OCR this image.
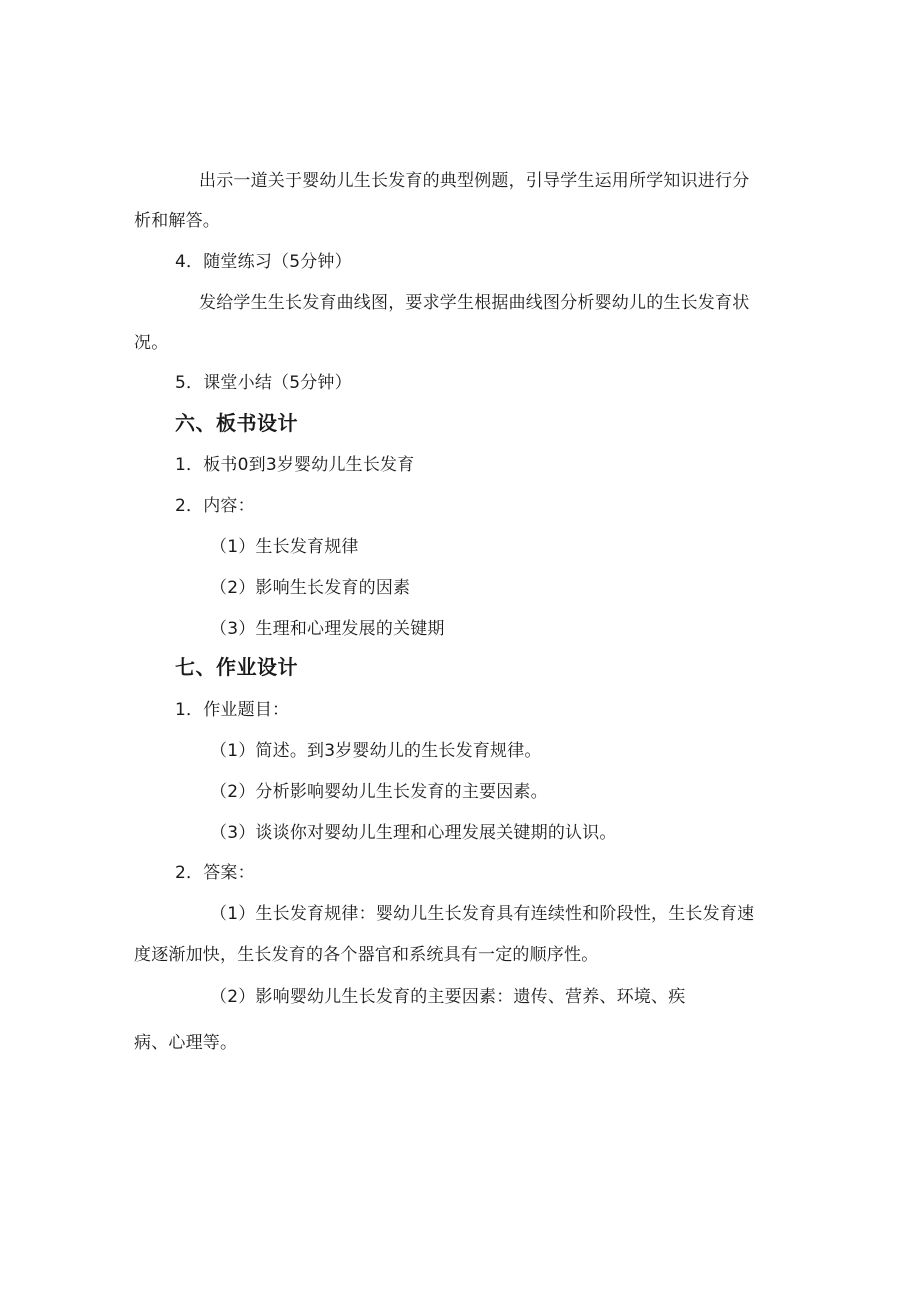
出示一道关于婴幼儿生长发育的典型例题，引导学生运用所学知识进行分
析和解答。
4．随堂练习（5分钟）
发给学生生长发育曲线图，要求学生根据曲线图分析婴幼儿的生长发育状
况。
5．课堂小结（5分钟）
六、板书设计
1．板书0到3岁婴幼儿生长发育
2．内容：
（1）生长发育规律
（2）影响生长发育的因素
（3）生理和心理发展的关键期
七、作业设计
1．作业题目：
（1）简述。到3岁婴幼儿的生长发育规律。
（2）分析影响婴幼儿生长发育的主要因素。
（3）谈谈你对婴幼儿生理和心理发展关键期的认识。
2．答案：
（1）生长发育规律：婴幼儿生长发育具有连续性和阶段性，生长发育速
度逐渐加快，生长发育的各个器官和系统具有一定的顺序性。
（2）影响婴幼儿生长发育的主要因素：遗传、营养、环境、疾
病、心理等。
